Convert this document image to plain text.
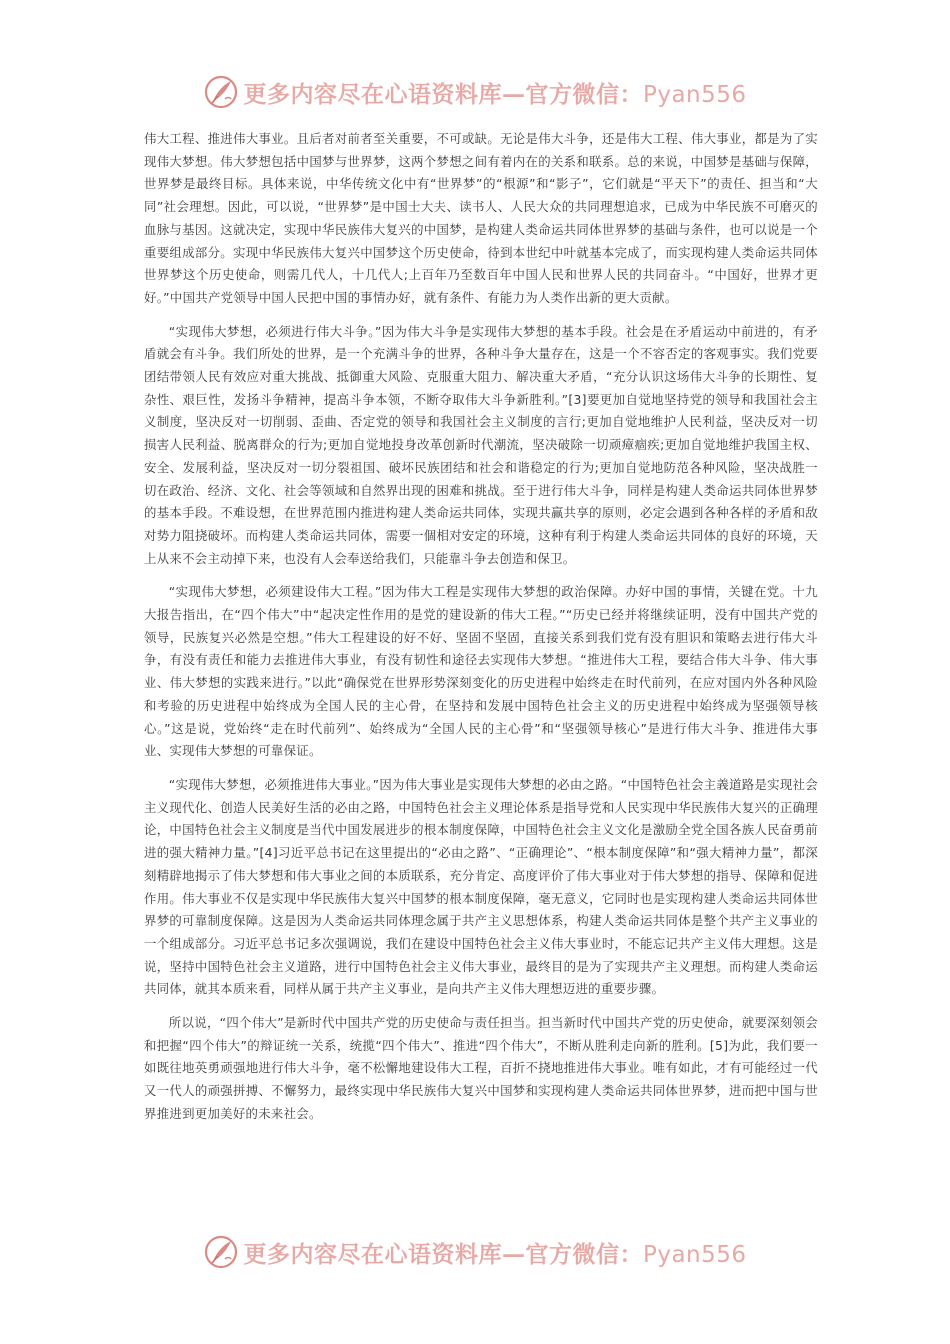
更多内容尽在心语资料库—官方微信：Pyan556

伟大工程、推进伟大事业。且后者对前者至关重要，不可或缺。无论是伟大斗争，还是伟大工程、伟大事业，都是为了实现伟大梦想。伟大梦想包括中国梦与世界梦，这两个梦想之间有着内在的关系和联系。总的来说，中国梦是基础与保障，世界梦是最终目标。具体来说，中华传统文化中有“世界梦”的“根源”和“影子”，它们就是“平天下”的责任、担当和“大同”社会理想。因此，可以说，“世界梦”是中国士大夫、读书人、人民大众的共同理想追求，已成为中华民族不可磨灭的血脉与基因。这就决定，实现中华民族伟大复兴的中国梦，是构建人类命运共同体世界梦的基础与条件，也可以说是一个重要组成部分。实现中华民族伟大复兴中国梦这个历史使命，待到本世纪中叶就基本完成了，而实现构建人类命运共同体世界梦这个历史使命，则需几代人，十几代人;上百年乃至数百年中国人民和世界人民的共同奋斗。“中国好，世界才更好。”中国共产党领导中国人民把中国的事情办好，就有条件、有能力为人类作出新的更大贡献。

“实现伟大梦想，必须进行伟大斗争。”因为伟大斗争是实现伟大梦想的基本手段。社会是在矛盾运动中前进的，有矛盾就会有斗争。我们所处的世界，是一个充满斗争的世界，各种斗争大量存在，这是一个不容否定的客观事实。我们党要团结带领人民有效应对重大挑战、抵御重大风险、克服重大阻力、解决重大矛盾，“充分认识这场伟大斗争的长期性、复杂性、艰巨性，发扬斗争精神，提高斗争本领，不断夺取伟大斗争新胜利。”[3]要更加自觉地坚持党的领导和我国社会主义制度，坚决反对一切削弱、歪曲、否定党的领导和我国社会主义制度的言行;更加自觉地维护人民利益，坚决反对一切损害人民利益、脱离群众的行为;更加自觉地投身改革创新时代潮流，坚决破除一切顽瘴痼疾;更加自觉地维护我国主权、安全、发展利益，坚决反对一切分裂祖国、破坏民族团结和社会和谐稳定的行为;更加自觉地防范各种风险，坚决战胜一切在政治、经济、文化、社会等领域和自然界出现的困难和挑战。至于进行伟大斗争，同样是构建人类命运共同体世界梦的基本手段。不难设想，在世界范围内推进构建人类命运共同体，实现共赢共享的原则，必定会遇到各种各样的矛盾和敌对势力阻挠破坏。而构建人类命运共同体，需要一個相对安定的环境，这种有利于构建人类命运共同体的良好的环境，天上从来不会主动掉下来，也没有人会奉送给我们，只能靠斗争去创造和保卫。

“实现伟大梦想，必须建设伟大工程。”因为伟大工程是实现伟大梦想的政治保障。办好中国的事情，关键在党。十九大报告指出，在“四个伟大”中“起决定性作用的是党的建设新的伟大工程。”“历史已经并将继续证明，没有中国共产党的领导，民族复兴必然是空想。”伟大工程建设的好不好、坚固不坚固，直接关系到我们党有没有胆识和策略去进行伟大斗争，有没有责任和能力去推进伟大事业，有没有韧性和途径去实现伟大梦想。“推进伟大工程，要结合伟大斗争、伟大事业、伟大梦想的实践来进行。”以此“确保党在世界形势深刻变化的历史进程中始终走在时代前列，在应对国内外各种风险和考验的历史进程中始终成为全国人民的主心骨，在坚持和发展中国特色社会主义的历史进程中始终成为坚强领导核心。”这是说，党始终“走在时代前列”、始终成为“全国人民的主心骨”和“坚强领导核心”是进行伟大斗争、推进伟大事业、实现伟大梦想的可靠保证。

“实现伟大梦想，必须推进伟大事业。”因为伟大事业是实现伟大梦想的必由之路。“中国特色社会主義道路是实现社会主义现代化、创造人民美好生活的必由之路，中国特色社会主义理论体系是指导党和人民实现中华民族伟大复兴的正确理论，中国特色社会主义制度是当代中国发展进步的根本制度保障，中国特色社会主义文化是激励全党全国各族人民奋勇前进的强大精神力量。”[4]习近平总书记在这里提出的“必由之路”、“正确理论”、“根本制度保障”和“强大精神力量”，都深刻精辟地揭示了伟大梦想和伟大事业之间的本质联系，充分肯定、高度评价了伟大事业对于伟大梦想的指导、保障和促进作用。伟大事业不仅是实现中华民族伟大复兴中国梦的根本制度保障，毫无意义，它同时也是实现构建人类命运共同体世界梦的可靠制度保障。这是因为人类命运共同体理念属于共产主义思想体系，构建人类命运共同体是整个共产主义事业的一个组成部分。习近平总书记多次强调说，我们在建设中国特色社会主义伟大事业时，不能忘记共产主义伟大理想。这是说，坚持中国特色社会主义道路，进行中国特色社会主义伟大事业，最终目的是为了实现共产主义理想。而构建人类命运共同体，就其本质来看，同样从属于共产主义事业，是向共产主义伟大理想迈进的重要步骤。

所以说，“四个伟大”是新时代中国共产党的历史使命与责任担当。担当新时代中国共产党的历史使命，就要深刻领会和把握“四个伟大”的辩证统一关系，统揽“四个伟大”、推进“四个伟大”，不断从胜利走向新的胜利。[5]为此，我们要一如既往地英勇顽强地进行伟大斗争，毫不松懈地建设伟大工程，百折不挠地推进伟大事业。唯有如此，才有可能经过一代又一代人的顽强拼搏、不懈努力，最终实现中华民族伟大复兴中国梦和实现构建人类命运共同体世界梦，进而把中国与世界推进到更加美好的未来社会。

更多内容尽在心语资料库—官方微信：Pyan556
